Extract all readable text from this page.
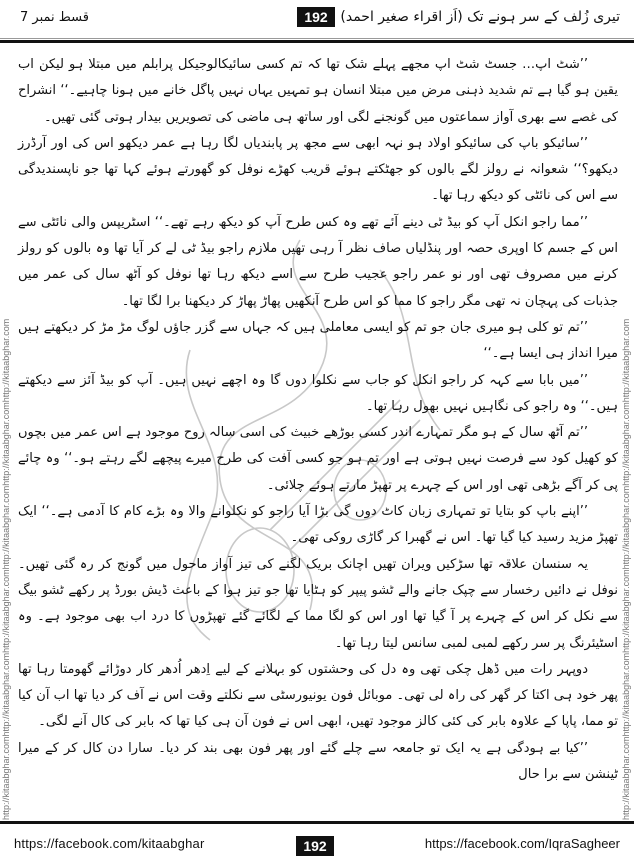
تیری زُلف کے سر ہونے تک (اَز اقراء صغیر احمد)
192
قسط نمبر 7
http://kitaabghar.comhttp://kitaabghar.comhttp://kitaabghar.comhttp://kitaabghar.comhttp://kitaabghar.comhttp://kitaabghar.com	http://kitaabghar.comhttp://kitaabghar.comhttp://kitaabghar.comhttp://kitaabghar.comhttp://kitaabghar.comhttp://kitaabghar.com

’’شٹ اپ… جسٹ شٹ اپ مجھے پہلے شک تھا کہ تم کسی سائیکالوجیکل پرابلم میں مبتلا ہو لیکن اب یقین ہو گیا ہے تم شدید ذہنی مرض میں مبتلا انسان ہو تمہیں یہاں نہیں پاگل خانے میں ہونا چاہیے۔‘‘ انشراح کی غصے سے بھری آواز سماعتوں میں گونجنے لگی اور ساتھ ہی ماضی کی تصویریں بیدار ہوتی گئی تھیں۔

’’سائیکو باپ کی سائیکو اولاد ہو نہہ ابھی سے مجھ پر پابندیاں لگا رہا ہے عمر دیکھو اس کی اور آرڈرز دیکھو؟‘‘ شعوانہ نے رولز لگے بالوں کو جھٹکتے ہوئے قریب کھڑے نوفل کو گھورتے ہوئے کہا تھا جو ناپسندیدگی سے اس کی نائٹی کو دیکھ رہا تھا۔

’’مما راجو انکل آپ کو بیڈ ٹی دینے آئے تھے وہ کس طرح آپ کو دیکھ رہے تھے۔‘‘ اسٹریپس والی نائٹی سے اس کے جسم کا اوپری حصہ اور پنڈلیاں صاف نظر آ رہی تھیں ملازم راجو بیڈ ٹی لے کر آیا تھا وہ بالوں کو رولز کرنے میں مصروف تھی اور نو عمر راجو عجیب طرح سے اسے دیکھ رہا تھا نوفل کو آٹھ سال کی عمر میں جذبات کی پہچان نہ تھی مگر راجو کا مما کو اس طرح آنکھیں پھاڑ پھاڑ کر دیکھنا برا لگا تھا۔

’’تم تو کلی ہو میری جان جو تم کو ایسی معاملی ہیں کہ جہاں سے گزر جاؤں لوگ مڑ مڑ کر دیکھتے ہیں میرا انداز ہی ایسا ہے۔‘‘

’’میں بابا سے کہہ کر راجو انکل کو جاب سے نکلوا دوں گا وہ اچھے نہیں ہیں۔ آپ کو بیڈ آئز سے دیکھتے ہیں۔‘‘ وہ راجو کی نگاہیں نہیں بھول رہا تھا۔

’’تم آٹھ سال کے ہو مگر تمہارے اندر کسی بوڑھے خبیث کی اسی سالہ روح موجود ہے اس عمر میں بچوں کو کھیل کود سے فرصت نہیں ہوتی ہے اور تم ہو جو کسی آفت کی طرح میرے پیچھے لگے رہتے ہو۔‘‘ وہ چائے پی کر آگے بڑھی تھی اور اس کے چہرے پر تھپڑ مارتے ہوئے چلائی۔

’’اپنے باپ کو بتایا تو تمہاری زبان کاٹ دوں گی بڑا آیا راجو کو نکلوانے والا وہ بڑے کام کا آدمی ہے۔‘‘ ایک تھپڑ مزید رسید کیا گیا تھا۔ اس نے گھبرا کر گاڑی روکی تھی۔

یہ سنسان علاقہ تھا سڑکیں ویران تھیں اچانک بریک لگنے کی تیز آواز ماحول میں گونج کر رہ گئی تھیں۔ نوفل نے دائیں رخسار سے چپک جانے والے ٹشو پیپر کو ہٹایا تھا جو تیز ہوا کے باعث ڈیش بورڈ پر رکھے ٹشو بیگ سے نکل کر اس کے چہرے پر آ گیا تھا اور اس کو لگا مما کے لگائے گئے تھپڑوں کا درد اب بھی موجود ہے۔ وہ اسٹیئرنگ پر سر رکھے لمبی لمبی سانس لیتا رہا تھا۔

دوپہر رات میں ڈھل چکی تھی وہ دل کی وحشتوں کو بہلانے کے لیے اِدھر اُدھر کار دوڑائے گھومتا رہا تھا پھر خود ہی اکتا کر گھر کی راہ لی تھی۔ موبائل فون یونیورسٹی سے نکلتے وقت اس نے آف کر دیا تھا اب آن کیا تو مما، پاپا کے علاوہ بابر کی کئی کالز موجود تھیں، ابھی اس نے فون آن ہی کیا تھا کہ بابر کی کال آنے لگی۔

’’کیا بے ہودگی ہے یہ ایک تو جامعہ سے چلے گئے اور پھر فون بھی بند کر دیا۔ سارا دن کال کر کے میرا ٹینشن سے برا حال

https://facebook.com/kitaabghar	192	https://facebook.com/IqraSagheer
